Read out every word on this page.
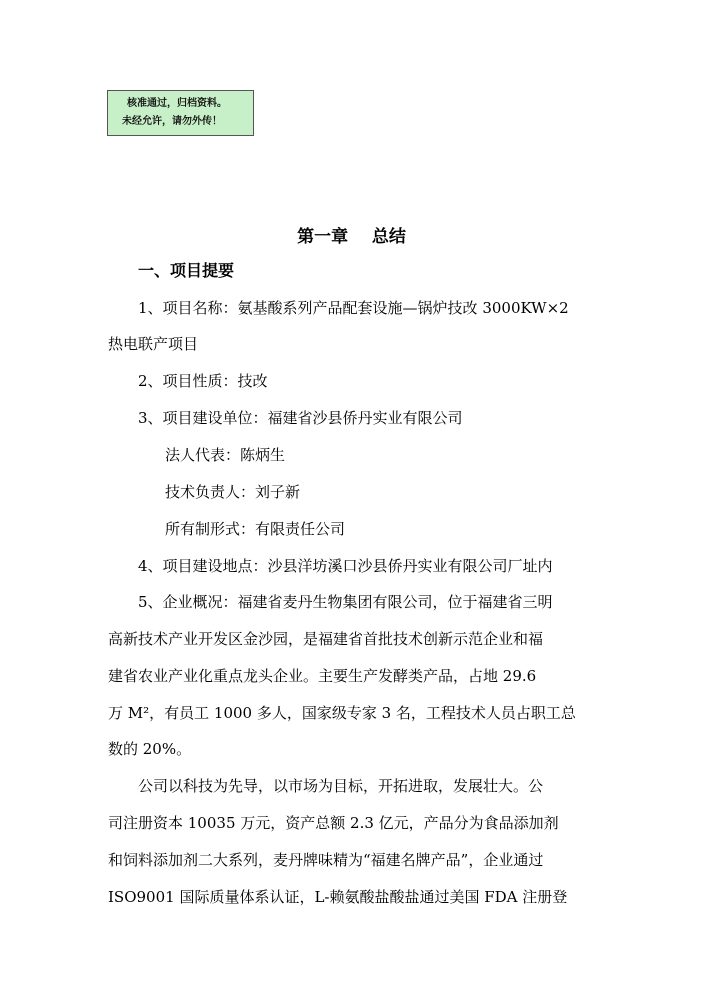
核准通过，归档资料。
未经允许，请勿外传！
第一章    总结
一、项目提要
1、项目名称：氨基酸系列产品配套设施—锅炉技改 3000KW×2
热电联产项目
2、项目性质：技改
3、项目建设单位：福建省沙县侨丹实业有限公司
法人代表：陈炳生
技术负责人：刘子新
所有制形式：有限责任公司
4、项目建设地点：沙县洋坊溪口沙县侨丹实业有限公司厂址内
5、企业概况：福建省麦丹生物集团有限公司，位于福建省三明
高新技术产业开发区金沙园，是福建省首批技术创新示范企业和福
建省农业产业化重点龙头企业。主要生产发酵类产品，占地 29.6
万 M²，有员工 1000 多人，国家级专家 3 名，工程技术人员占职工总
数的 20%。
公司以科技为先导，以市场为目标，开拓进取，发展壮大。公
司注册资本 10035 万元，资产总额 2.3 亿元，产品分为食品添加剂
和饲料添加剂二大系列，麦丹牌味精为“福建名牌产品”，企业通过
ISO9001 国际质量体系认证，L-赖氨酸盐酸盐通过美国 FDA 注册登
